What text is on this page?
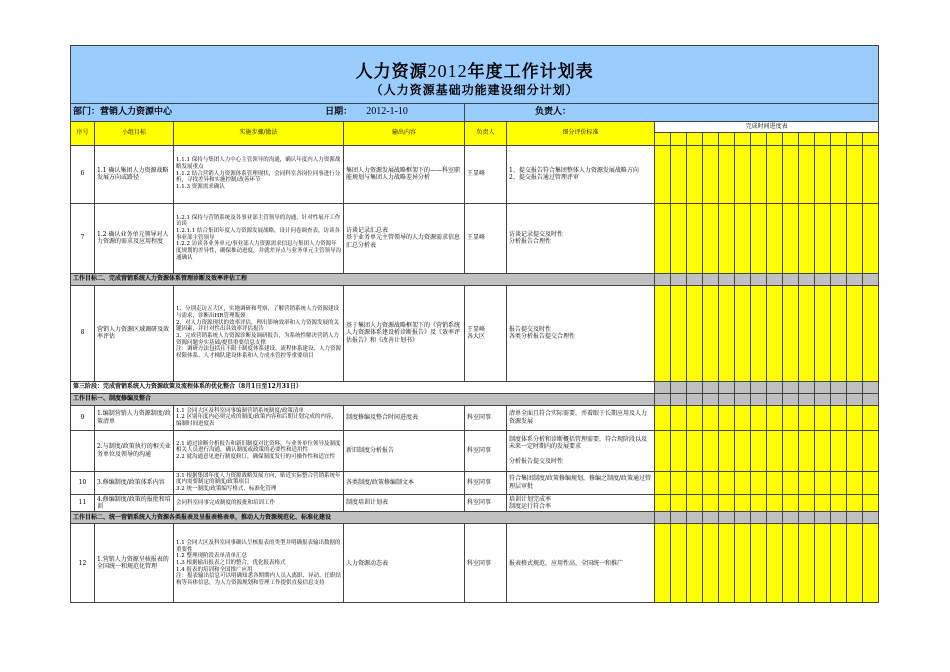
人力资源2012年度工作计划表
（人力资源基础功能建设细分计划）																			

部门：营销人力资源中心 日期： 2012-1-10				负责人：															
序号	小组目标	实施步骤/做法	输出内容	负责人	细分评价标准	完成时间进度表													

6	1.1 确认集团人力资源战略发展方向或路径	1.1.1 保持与集团人力中心主管领导的沟通，确认年度内人力资源战略发展重点
1.1.2 结合营销人力资源体系管理现状，会同科室各岗位同事进行分析，寻找差异和实施控制/改善环节
1.1.3 资源需求确认	集团人力资源发展战略框架下的——科室职能规划与集团人力战略差异分析	王显峰	1、提交报告符合集团整体人力资源发展战略方向
2、提交报告通过管理评审														
7	1.2 确认业务单元领导对人力资源的需求及应用程度	1.2.1 保持与营销系统及各事业部主管领导的沟通，针对性展开工作访谈
1.2.1.1 结合集团年度人力资源发展战略，设计问卷调查表，访谈各事业部主管领导
1.2.2 访谈各业务单元/事业部人力资源需求信息与集团人力资源年度规划的差异性，确保推动进度，并就差异点与业务单元主管领导沟通确认	访谈记录汇总表
基于业务单元主管领导的人力资源需求信息汇总分析表	王显峰	访谈记录提交及时性
分析报告合理性														
工作目标二、完成营销系统人力资源体系管理诊断及效率评估工程																			
8	营销人力资源区域调研及效率评估	1、分别走访五大区，实地调研和考察，了解营销系统人力资源建设与需求，诊断出HR管理瓶颈
2、对人力资源现状的效率评估，理出影响效率和人力资源发展的关键因素，并针对性出具效率评估报告
3、完成营销系统人力资源诊断及调研报告，为系统性解决营销人力资源问题夯实基础/提供重要信息支撑
注：调研方法包括且不限于制度体系建设、流程体系建设、人力资源权限体系、人才梯队建设体系和人力成本管控等重要项目	基于集团人力资源战略框架下的《营销系统人力资源体系建设析诊断报告》及《效率评估报告》和《改善计划书》	王显峰
各大区	报告提交及时性
各类分析报告提交合理性														
第三阶段：完成营销系统人力资源政策及流程体系的优化整合（8月1日至12月31日）																			
工作目标一、制度修编及整合																			
9	1.编制营销人力资源制度/政策清单	1.1 会同大区及科室同事编制营销系统制度/政策清单
1.2 区别年度内必须完成的制度/政策内容和后期计划完成的内容，编制时间进度表	制度修编及整合时间进度表	科室同事	清单全面且符合实际需要，并着眼于长期应用及人力资源发展														
	2.与制度/政策执行的相关业务单位及领导的沟通	2.1 通过诊断分析报告和新旧制度对比资料，与业务单位领导及制度相关人员进行沟通，确认制度或政策的必要性和适用性
2.2 就沟通意见进行制度修订，确保制度发行的可操作性和适宜性	新旧制度分析报告	科室同事	制度体系分析和诊断概括管理需要，符合现阶段以及未来一定时期内的发展要求

分析报告提交及时性														
10	3.修编制度/政策体系内容	3.1 根据集团年度人力资源战略发展方向，贴近实际整合营销系统年度内需要制定的制度/政策项目
3.2 统一制度/政策编写格式、标准化管理	各类制度/政策修编制文本	科室同事	符合集团制度/政策修编规划，修编之制度/政策通过管理层审批														
11	4.修编制度/政策的报批和培训	会同科室同事完成制度的报批和培训工作	制度培训计划表	科室同事	培训计划完成率
制度运行符合率														
工作目标二、统一营销系统人力资源各类报表及呈报表格表单，推动人力资源规范化、标准化建设																			
12	1.营销人力资源呈核报表的全国统一和规范化管理	1.1 会同大区及科室同事确认呈核报表的类型并明确报表输出数据的重要性
1.2 整理现阶段表单清单汇总
1.3 根据输出报表之目的整合，优化报表格式
1.4 报表的培训和全国推广应用
注：报表输出信息可以明确知悉各期期内人员入离职、异动、任职结构等具体信息，为人力资源规划和管理工作提供直接信息支持	人力资源动态表	科室同事	报表格式规范，应用性高，全国统一和推广														
